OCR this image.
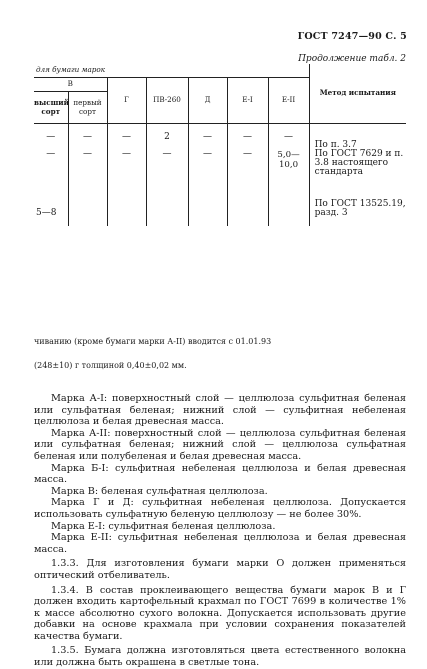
ГОСТ 7247—90 С. 5
Продолжение табл. 2
для бумаги марок							Метод испытания
В		Г	ПВ-260	Д	Е-І	Е-ІІ	
высший сорт	первый сорт						
—	—	—	2	—	—	—	По п. 3.7
—	—	—	—	—	—	5,0—10,0	По ГОСТ 7629 и п. 3.8 настоящего стандарта
5—8							По ГОСТ 13525.19, разд. 3
чиванию (кроме бумаги марки А-II) вводится с 01.01.93
(248±10) г толщиной 0,40±0,02 мм.

Марка А-I: поверхностный слой — целлюлоза сульфитная беленая или сульфатная беленая; нижний слой — сульфитная небеленая целлюлоза и белая древесная масса.

Марка А-II: поверхностный слой — целлюлоза сульфитная беленая или сульфатная беленая; нижний слой — целлюлоза сульфатная беленая или полубеленая и белая древесная масса.

Марка Б-I: сульфитная небеленая целлюлоза и белая древесная масса.

Марка В: беленая сульфатная целлюлоза.

Марка Г и Д: сульфитная небеленая целлюлоза. Допускается использовать сульфатную беленую целлюлозу — не более 30%.

Марка Е-I: сульфитная беленая целлюлоза.

Марка Е-II: сульфитная небеленая целлюлоза и белая древесная масса.

1.3.3. Для изготовления бумаги марки О должен применяться оптический отбеливатель.

1.3.4. В состав проклеивающего вещества бумаги марок В и Г должен входить картофельный крахмал по ГОСТ 7699 в количестве 1% к массе абсолютно сухого волокна. Допускается использовать другие добавки на основе крахмала при условии сохранения показателей качества бумаги.

1.3.5. Бумага должна изготовляться цвета естественного волокна или должна быть окрашена в светлые тона.
